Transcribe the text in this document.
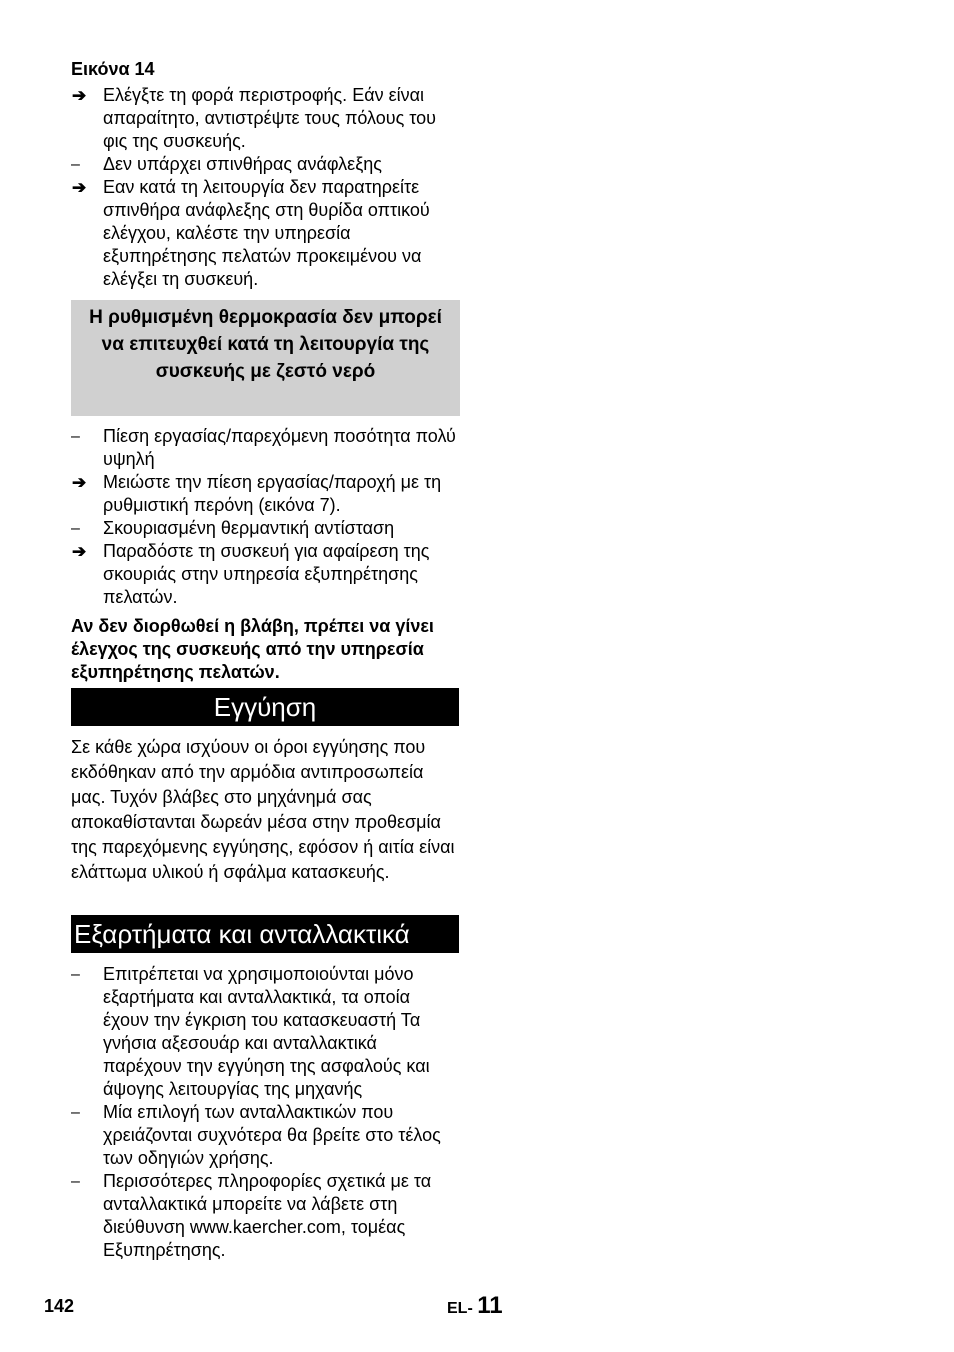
Εικόνα 14
➔ Ελέγξτε τη φορά περιστροφής. Εάν είναι απαραίτητο, αντιστρέψτε τους πόλους του φις της συσκευής.
–	Δεν υπάρχει σπινθήρας ανάφλεξης
➔ Εαν κατά τη λειτουργία δεν παρατηρείτε σπινθήρα ανάφλεξης στη θυρίδα οπτικού ελέγχου, καλέστε την υπηρεσία εξυπηρέτησης πελατών προκειμένου να ελέγξει τη συσκευή.
Η ρυθμισμένη θερμοκρασία δεν μπορεί να επιτευχθεί κατά τη λειτουργία της συσκευής με ζεστό νερό
–	Πίεση εργασίας/παρεχόμενη ποσότητα πολύ υψηλή
➔ Μειώστε την πίεση εργασίας/παροχή με τη ρυθμιστική περόνη (εικόνα 7).
–	Σκουριασμένη θερμαντική αντίσταση
➔ Παραδόστε τη συσκευή για αφαίρεση της σκουριάς στην υπηρεσία εξυπηρέτησης πελατών.
Αν δεν διορθωθεί η βλάβη, πρέπει να γίνει έλεγχος της συσκευής από την υπηρεσία εξυπηρέτησης πελατών.
Εγγύηση
Σε κάθε χώρα ισχύουν οι όροι εγγύησης που εκδόθηκαν από την αρμόδια αντιπροσωπεία μας. Τυχόν βλάβες στο μηχάνημά σας αποκαθίστανται δωρεάν μέσα στην προθεσμία της παρεχόμενης εγγύησης, εφόσον ή αιτία είναι ελάττωμα υλικού ή σφάλμα κατασκευής.
Εξαρτήματα και ανταλλακτικά
–	Επιτρέπεται να χρησιμοποιούνται μόνο εξαρτήματα και ανταλλακτικά, τα οποία έχουν την έγκριση του κατασκευαστή Τα γνήσια αξεσουάρ και ανταλλακτικά παρέχουν την εγγύηση της ασφαλούς και άψογης λειτουργίας της μηχανής
–	Μία επιλογή των ανταλλακτικών που χρειάζονται συχνότερα θα βρείτε στο τέλος των οδηγιών χρήσης.
–	Περισσότερες πληροφορίες σχετικά με τα ανταλλακτικά μπορείτε να λάβετε στη διεύθυνση www.kaercher.com, τομέας Εξυπηρέτησης.
142	EL- 11
